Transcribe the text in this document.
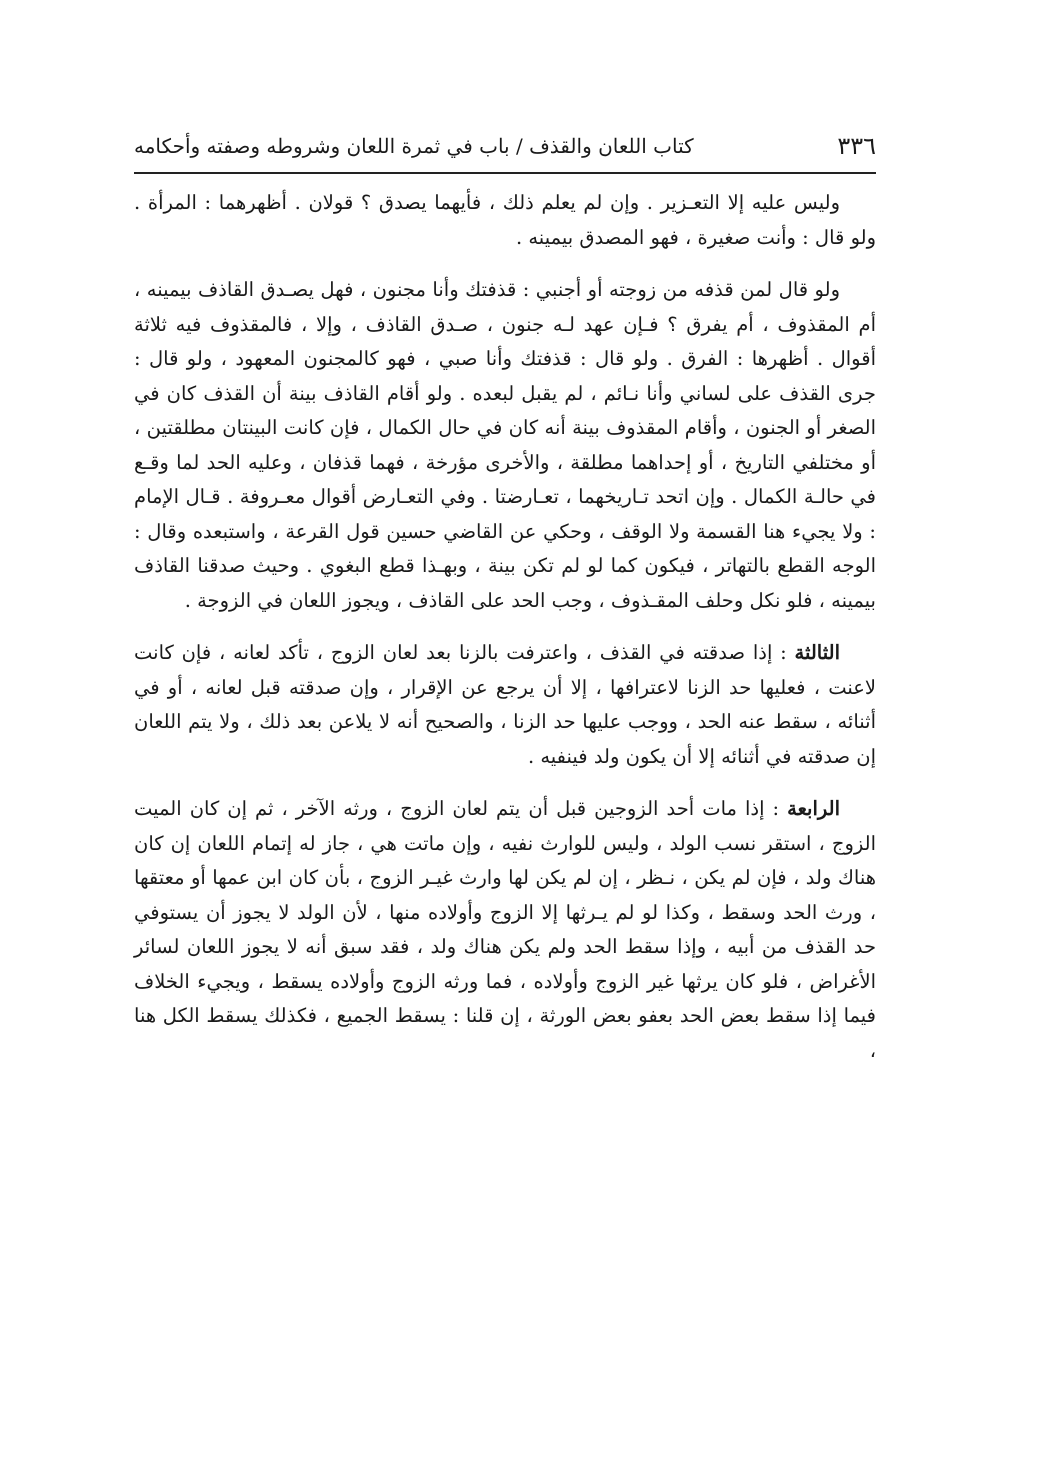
٣٣٦
كتاب اللعان والقذف / باب في ثمرة اللعان وشروطه وصفته وأحكامه

وليس عليه إلا التعـزير . وإن لم يعلم ذلك ، فأيهما يصدق ؟ قولان . أظهرهما : المرأة . ولو قال : وأنت صغيرة ، فهو المصدق بيمينه .

ولو قال لمن قذفه من زوجته أو أجنبي : قذفتك وأنا مجنون ، فهل يصـدق القاذف بيمينه ، أم المقذوف ، أم يفرق ؟ فـإن عهد لـه جنون ، صـدق القاذف ، وإلا ، فالمقذوف فيه ثلاثة أقوال . أظهرها : الفرق . ولو قال : قذفتك وأنا صبي ، فهو كالمجنون المعهود ، ولو قال : جرى القذف على لساني وأنا نـائم ، لم يقبل لبعده . ولو أقام القاذف بينة أن القذف كان في الصغر أو الجنون ، وأقام المقذوف بينة أنه كان في حال الكمال ، فإن كانت البينتان مطلقتين ، أو مختلفي التاريخ ، أو إحداهما مطلقة ، والأخرى مؤرخة ، فهما قذفان ، وعليه الحد لما وقـع في حالـة الكمال . وإن اتحد تـاريخهما ، تعـارضتا . وفي التعـارض أقوال معـروفة . قـال الإمام : ولا يجيء هنا القسمة ولا الوقف ، وحكي عن القاضي حسين قول القرعة ، واستبعده وقال : الوجه القطع بالتهاتر ، فيكون كما لو لم تكن بينة ، وبهـذا قطع البغوي . وحيث صدقنا القاذف بيمينه ، فلو نكل وحلف المقـذوف ، وجب الحد على القاذف ، ويجوز اللعان في الزوجة .

الثالثة : إذا صدقته في القذف ، واعترفت بالزنا بعد لعان الزوج ، تأكد لعانه ، فإن كانت لاعنت ، فعليها حد الزنا لاعترافها ، إلا أن يرجع عن الإقرار ، وإن صدقته قبل لعانه ، أو في أثنائه ، سقط عنه الحد ، ووجب عليها حد الزنا ، والصحيح أنه لا يلاعن بعد ذلك ، ولا يتم اللعان إن صدقته في أثنائه إلا أن يكون ولد فينفيه .

الرابعة : إذا مات أحد الزوجين قبل أن يتم لعان الزوج ، ورثه الآخر ، ثم إن كان الميت الزوج ، استقر نسب الولد ، وليس للوارث نفيه ، وإن ماتت هي ، جاز له إتمام اللعان إن كان هناك ولد ، فإن لم يكن ، نـظر ، إن لم يكن لها وارث غيـر الزوج ، بأن كان ابن عمها أو معتقها ، ورث الحد وسقط ، وكذا لو لم يـرثها إلا الزوج وأولاده منها ، لأن الولد لا يجوز أن يستوفي حد القذف من أبيه ، وإذا سقط الحد ولم يكن هناك ولد ، فقد سبق أنه لا يجوز اللعان لسائر الأغراض ، فلو كان يرثها غير الزوج وأولاده ، فما ورثه الزوج وأولاده يسقط ، ويجيء الخلاف فيما إذا سقط بعض الحد بعفو بعض الورثة ، إن قلنا : يسقط الجميع ، فكذلك يسقط الكل هنا ،
